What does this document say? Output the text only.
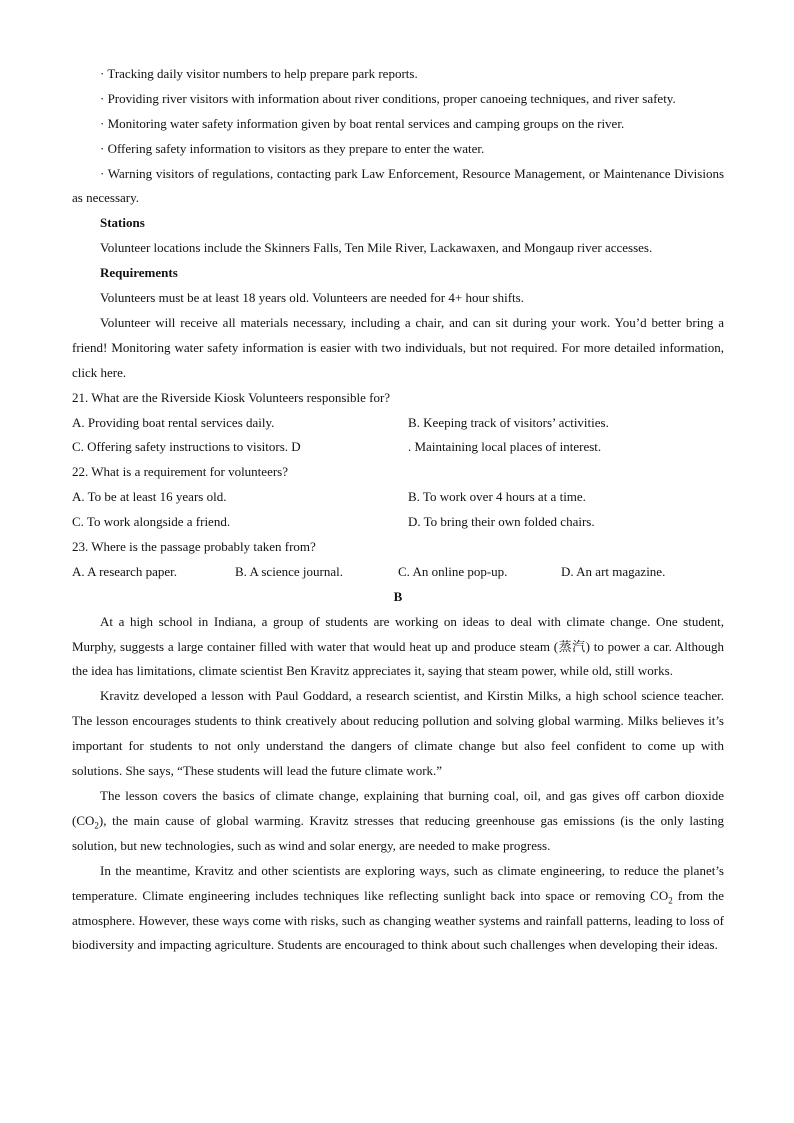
· Tracking daily visitor numbers to help prepare park reports.
· Providing river visitors with information about river conditions, proper canoeing techniques, and river safety.
· Monitoring water safety information given by boat rental services and camping groups on the river.
· Offering safety information to visitors as they prepare to enter the water.

· Warning visitors of regulations, contacting park Law Enforcement, Resource Management, or Maintenance Divisions as necessary.

Stations
Volunteer locations include the Skinners Falls, Ten Mile River, Lackawaxen, and Mongaup river accesses.
Requirements
Volunteers must be at least 18 years old. Volunteers are needed for 4+ hour shifts.

Volunteer will receive all materials necessary, including a chair, and can sit during your work. You’d better bring a friend! Monitoring water safety information is easier with two individuals, but not required. For more detailed information, click here.

21. What are the Riverside Kiosk Volunteers responsible for?
A. Providing boat rental services daily.	B. Keeping track of visitors’ activities.
C. Offering safety instructions to visitors. D	. Maintaining local places of interest.
22. What is a requirement for volunteers?
A. To be at least 16 years old.	B. To work over 4 hours at a time.
C. To work alongside a friend.	D. To bring their own folded chairs.
23. Where is the passage probably taken from?
A. A research paper.	B. A science journal.	C. An online pop-up.	D. An art magazine.
B

At a high school in Indiana, a group of students are working on ideas to deal with climate change. One student, Murphy, suggests a large container filled with water that would heat up and produce steam (蒸汽) to power a car. Although the idea has limitations, climate scientist Ben Kravitz appreciates it, saying that steam power, while old, still works.

Kravitz developed a lesson with Paul Goddard, a research scientist, and Kirstin Milks, a high school science teacher. The lesson encourages students to think creatively about reducing pollution and solving global warming. Milks believes it’s important for students to not only understand the dangers of climate change but also feel confident to come up with solutions. She says, “These students will lead the future climate work.”

The lesson covers the basics of climate change, explaining that burning coal, oil, and gas gives off carbon dioxide $(CO_2)$, the main cause of global warming. Kravitz stresses that reducing greenhouse gas emissions (is the only lasting solution, but new technologies, such as wind and solar energy, are needed to make progress.

In the meantime, Kravitz and other scientists are exploring ways, such as climate engineering, to reduce the planet’s temperature. Climate engineering includes techniques like reflecting sunlight back into space or removing $CO_2$ from the atmosphere. However, these ways come with risks, such as changing weather systems and rainfall patterns, leading to loss of biodiversity and impacting agriculture. Students are encouraged to think about such challenges when developing their ideas.
